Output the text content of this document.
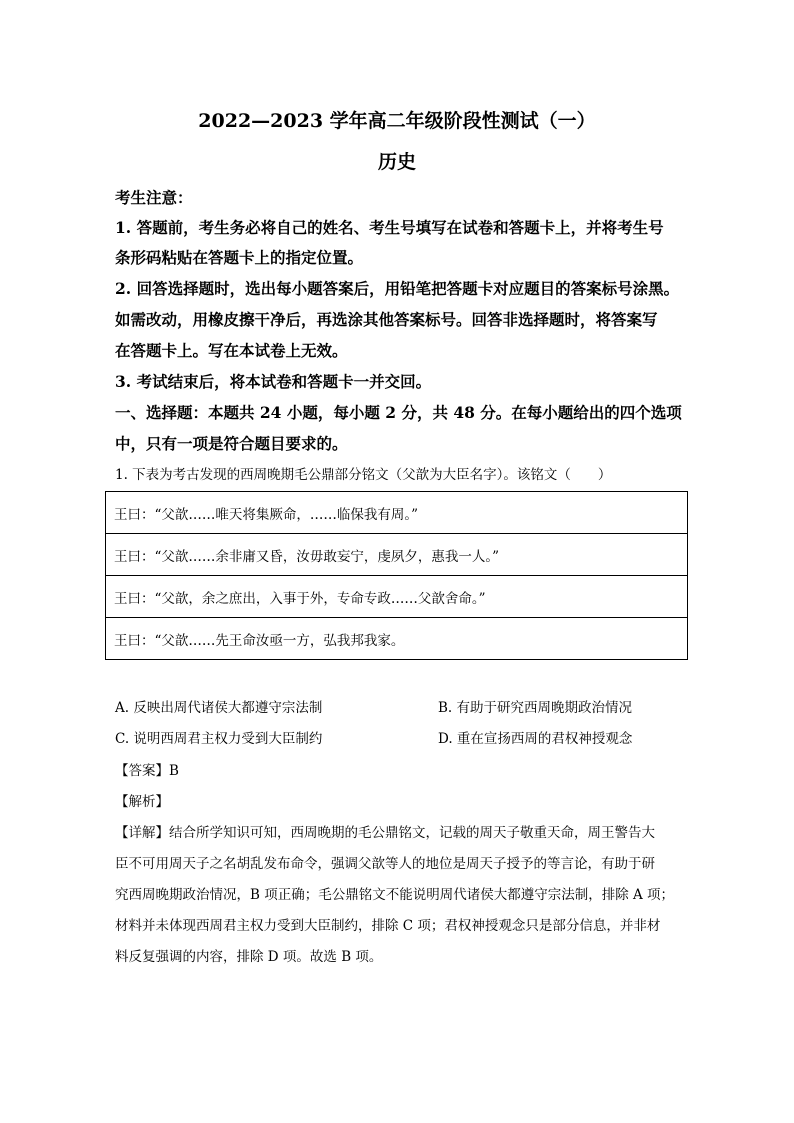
2022—2023 学年高二年级阶段性测试（一）
历史
考生注意：
1. 答题前，考生务必将自己的姓名、考生号填写在试卷和答题卡上，并将考生号
条形码粘贴在答题卡上的指定位置。
2. 回答选择题时，选出每小题答案后，用铅笔把答题卡对应题目的答案标号涂黑。
如需改动，用橡皮擦干净后，再选涂其他答案标号。回答非选择题时，将答案写
在答题卡上。写在本试卷上无效。
3. 考试结束后，将本试卷和答题卡一并交回。
一、选择题：本题共 24 小题，每小题 2 分，共 48 分。在每小题给出的四个选项
中，只有一项是符合题目要求的。
1. 下表为考古发现的西周晚期毛公鼎部分铭文（父歆为大臣名字）。该铭文（　　）
王曰：“父歆……唯天将集厥命，……临保我有周。”
王曰：“父歆……余非庸又昏，汝毋敢妄宁，虔夙夕，惠我一人。”
王曰：“父歆，余之庶出，入事于外，专命专政……父歆舍命。”
王曰：“父歆……先王命汝亟一方，弘我邦我家。
A. 反映出周代诸侯大都遵守宗法制	B. 有助于研究西周晚期政治情况
C. 说明西周君主权力受到大臣制约	D. 重在宣扬西周的君权神授观念
【答案】B
【解析】
【详解】结合所学知识可知，西周晚期的毛公鼎铭文，记载的周天子敬重天命，周王警告大
臣不可用周天子之名胡乱发布命令，强调父歆等人的地位是周天子授予的等言论，有助于研
究西周晚期政治情况，B 项正确；毛公鼎铭文不能说明周代诸侯大都遵守宗法制，排除 A 项；
材料并未体现西周君主权力受到大臣制约，排除 C 项；君权神授观念只是部分信息，并非材
料反复强调的内容，排除 D 项。故选 B 项。
